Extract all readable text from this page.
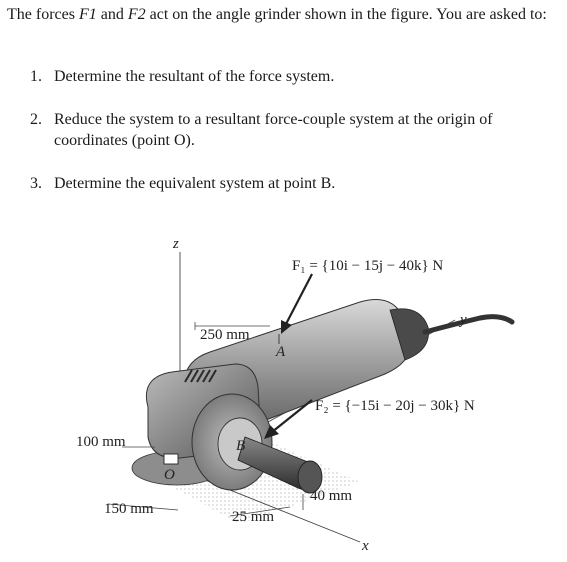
The forces F1 and F2 act on the angle grinder shown in the figure. You are asked to:

1. Determine the resultant of the force system.
2. Reduce the system to a resultant force-couple system at the origin of coordinates (point O).
3. Determine the equivalent system at point B.
z
y
x
F₁ = {10i − 15j − 40k} N
F₂ = {−15i − 20j − 30k} N
A
B
O
250 mm
100 mm
150 mm	25 mm
40 mm
